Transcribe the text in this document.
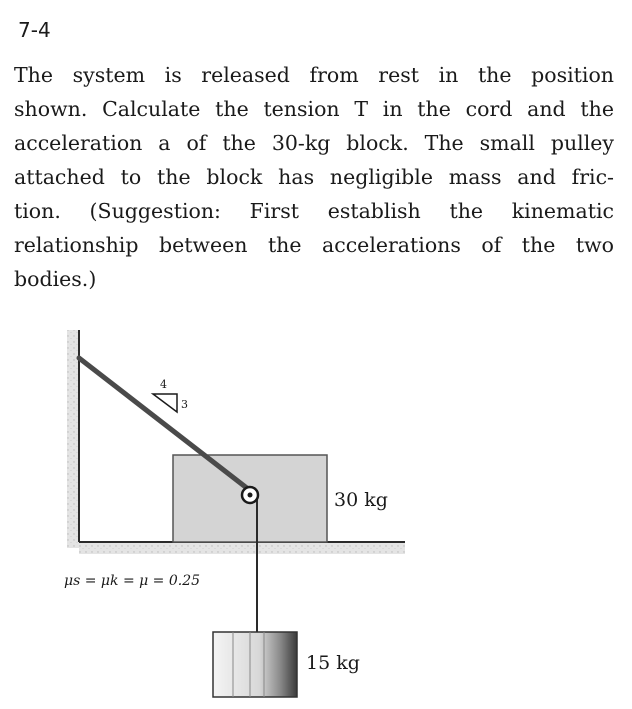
7-4
The system is released from rest in the position
shown. Calculate the tension T in the cord and the
acceleration a of the 30-kg block. The small pulley
attached to the block has negligible mass and fric-
tion. (Suggestion: First establish the kinematic
relationship between the accelerations of the two
bodies.)
4
3
30 kg
15 kg
μs = μk = μ = 0.25
